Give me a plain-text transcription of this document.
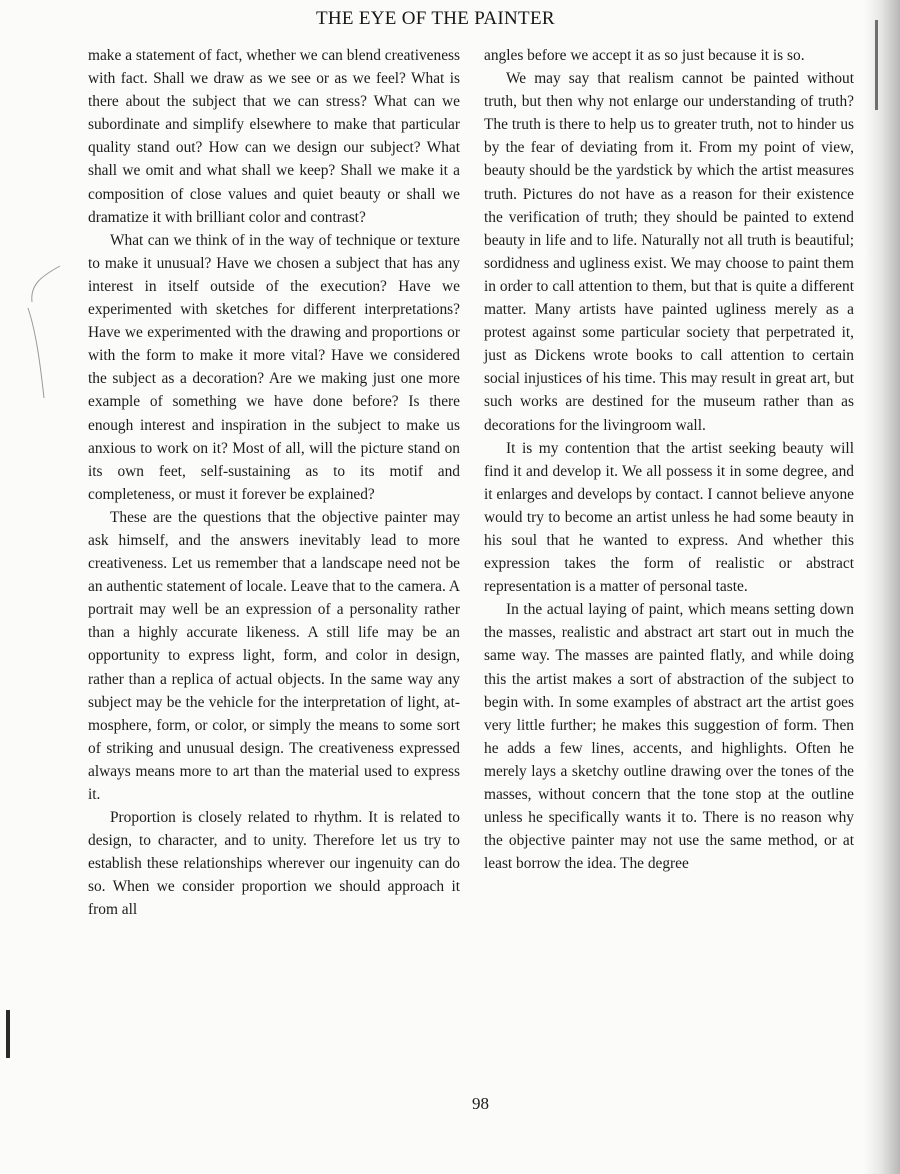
THE EYE OF THE PAINTER

make a statement of fact, whether we can blend creativeness with fact. Shall we draw as we see or as we feel? What is there about the subject that we can stress? What can we subordinate and simplify elsewhere to make that particular quality stand out? How can we design our subject? What shall we omit and what shall we keep? Shall we make it a composition of close values and quiet beauty or shall we dramatize it with brilliant color and contrast?

What can we think of in the way of technique or texture to make it unusual? Have we chosen a subject that has any interest in itself outside of the execution? Have we experimented with sketches for different interpretations? Have we experimented with the drawing and proportions or with the form to make it more vital? Have we considered the subject as a decoration? Are we making just one more example of something we have done before? Is there enough interest and inspiration in the subject to make us anxious to work on it? Most of all, will the picture stand on its own feet, self-sustaining as to its motif and completeness, or must it forever be explained?

These are the questions that the objective painter may ask himself, and the answers inevitably lead to more creativeness. Let us remember that a landscape need not be an authentic statement of locale. Leave that to the camera. A portrait may well be an expression of a personality rather than a highly accurate likeness. A still life may be an opportunity to express light, form, and color in design, rather than a replica of actual objects. In the same way any subject may be the vehicle for the interpretation of light, atmosphere, form, or color, or simply the means to some sort of striking and unusual design. The creativeness expressed always means more to art than the material used to express it.

Proportion is closely related to rhythm. It is related to design, to character, and to unity. Therefore let us try to establish these relationships wherever our ingenuity can do so. When we consider proportion we should approach it from all

angles before we accept it as so just because it is so.

We may say that realism cannot be painted without truth, but then why not enlarge our understanding of truth? The truth is there to help us to greater truth, not to hinder us by the fear of deviating from it. From my point of view, beauty should be the yardstick by which the artist measures truth. Pictures do not have as a reason for their existence the verification of truth; they should be painted to extend beauty in life and to life. Naturally not all truth is beautiful; sordidness and ugliness exist. We may choose to paint them in order to call attention to them, but that is quite a different matter. Many artists have painted ugliness merely as a protest against some particular society that perpetrated it, just as Dickens wrote books to call attention to certain social injustices of his time. This may result in great art, but such works are destined for the museum rather than as decorations for the livingroom wall.

It is my contention that the artist seeking beauty will find it and develop it. We all possess it in some degree, and it enlarges and develops by contact. I cannot believe anyone would try to become an artist unless he had some beauty in his soul that he wanted to express. And whether this expression takes the form of realistic or abstract representation is a matter of personal taste.

In the actual laying of paint, which means setting down the masses, realistic and abstract art start out in much the same way. The masses are painted flatly, and while doing this the artist makes a sort of abstraction of the subject to begin with. In some examples of abstract art the artist goes very little further; he makes this suggestion of form. Then he adds a few lines, accents, and highlights. Often he merely lays a sketchy outline drawing over the tones of the masses, without concern that the tone stop at the outline unless he specifically wants it to. There is no reason why the objective painter may not use the same method, or at least borrow the idea. The degree

98
